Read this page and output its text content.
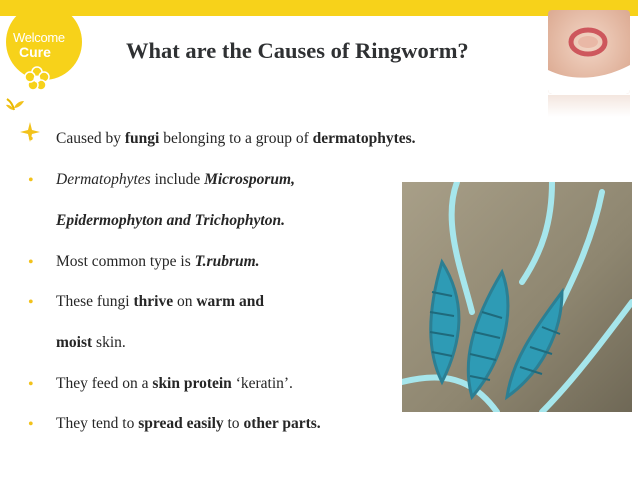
Welcome
Cure	What are the Causes of Ringworm?
• Caused by fungi belonging to a group of dermatophytes.
• Dermatophytes include Microsporum,
Epidermophyton and Trichophyton.
• Most common type is T.rubrum.
• These fungi thrive on warm and
moist skin.
• They feed on a skin protein ‘keratin’.
• They tend to spread easily to other parts.
